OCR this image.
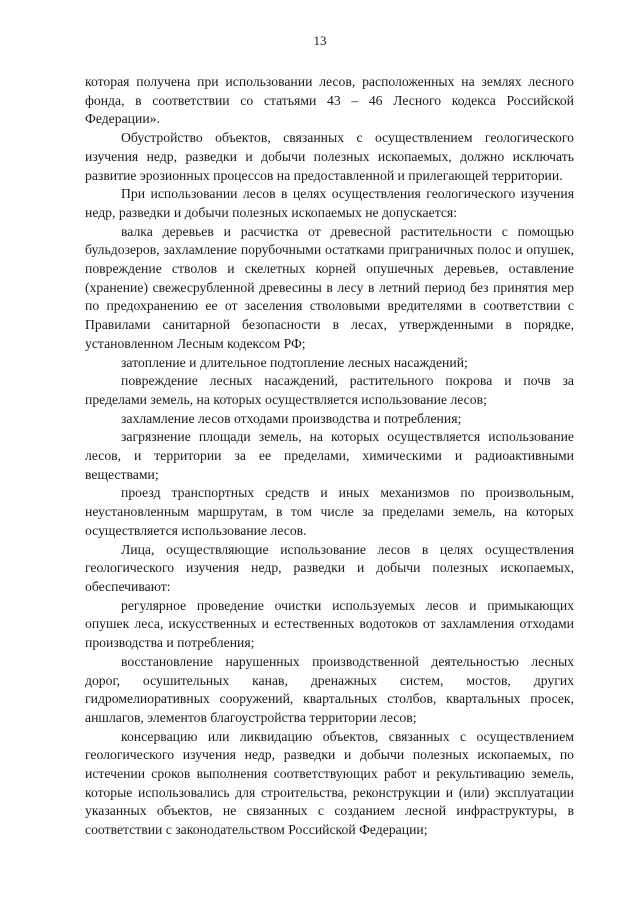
13

которая получена при использовании лесов, расположенных на землях лесного фонда, в соответствии со статьями 43 – 46 Лесного кодекса Российской Федерации».

Обустройство объектов, связанных с осуществлением геологического изучения недр, разведки и добычи полезных ископаемых, должно исключать развитие эрозионных процессов на предоставленной и прилегающей территории.

При использовании лесов в целях осуществления геологического изучения недр, разведки и добычи полезных ископаемых не допускается:

валка деревьев и расчистка от древесной растительности с помощью бульдозеров, захламление порубочными остатками приграничных полос и опушек, повреждение стволов и скелетных корней опушечных деревьев, оставление (хранение) свежесрубленной древесины в лесу в летний период без принятия мер по предохранению ее от заселения стволовыми вредителями в соответствии с Правилами санитарной безопасности в лесах, утвержденными в порядке, установленном Лесным кодексом РФ;

затопление и длительное подтопление лесных насаждений;

повреждение лесных насаждений, растительного покрова и почв за пределами земель, на которых осуществляется использование лесов;

захламление лесов отходами производства и потребления;

загрязнение площади земель, на которых осуществляется использование лесов, и территории за ее пределами, химическими и радиоактивными веществами;

проезд транспортных средств и иных механизмов по произвольным, неустановленным маршрутам, в том числе за пределами земель, на которых осуществляется использование лесов.

Лица, осуществляющие использование лесов в целях осуществления геологического изучения недр, разведки и добычи полезных ископаемых, обеспечивают:

регулярное проведение очистки используемых лесов и примыкающих опушек леса, искусственных и естественных водотоков от захламления отходами производства и потребления;

восстановление нарушенных производственной деятельностью лесных дорог, осушительных канав, дренажных систем, мостов, других гидромелиоративных сооружений, квартальных столбов, квартальных просек, аншлагов, элементов благоустройства территории лесов;

консервацию или ликвидацию объектов, связанных с осуществлением геологического изучения недр, разведки и добычи полезных ископаемых, по истечении сроков выполнения соответствующих работ и рекультивацию земель, которые использовались для строительства, реконструкции и (или) эксплуатации указанных объектов, не связанных с созданием лесной инфраструктуры, в соответствии с законодательством Российской Федерации;
